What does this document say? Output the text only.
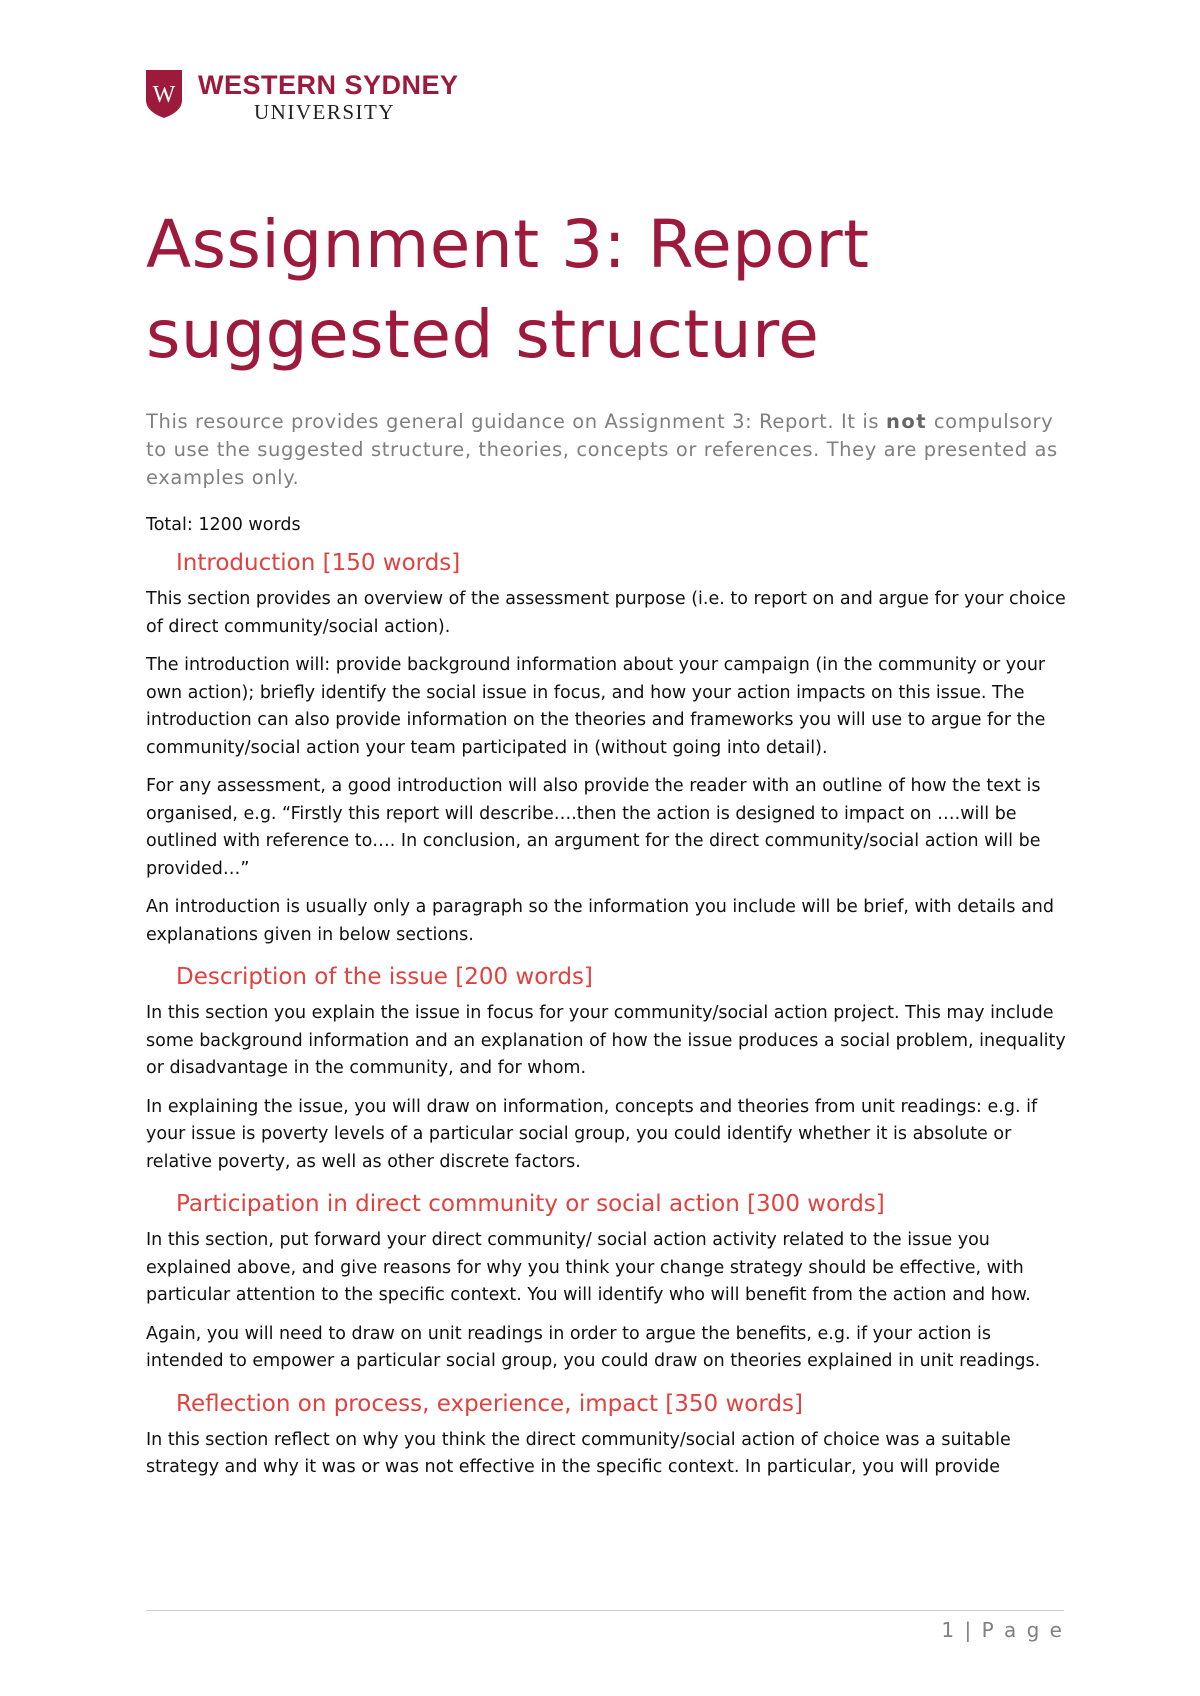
W WESTERN SYDNEY
UNIVERSITY
Assignment 3: Report
suggested structure

This resource provides general guidance on Assignment 3: Report. It is not compulsory to use the suggested structure, theories, concepts or references. They are presented as examples only.

Total: 1200 words

Introduction [150 words]

This section provides an overview of the assessment purpose (i.e. to report on and argue for your choice of direct community/social action).

The introduction will: provide background information about your campaign (in the community or your own action); briefly identify the social issue in focus, and how your action impacts on this issue. The introduction can also provide information on the theories and frameworks you will use to argue for the community/social action your team participated in (without going into detail).

For any assessment, a good introduction will also provide the reader with an outline of how the text is organised, e.g. “Firstly this report will describe….then the action is designed to impact on ….will be outlined with reference to…. In conclusion, an argument for the direct community/social action will be provided…”

An introduction is usually only a paragraph so the information you include will be brief, with details and explanations given in below sections.

Description of the issue [200 words]

In this section you explain the issue in focus for your community/social action project. This may include some background information and an explanation of how the issue produces a social problem, inequality or disadvantage in the community, and for whom.

In explaining the issue, you will draw on information, concepts and theories from unit readings: e.g. if your issue is poverty levels of a particular social group, you could identify whether it is absolute or relative poverty, as well as other discrete factors.

Participation in direct community or social action [300 words]

In this section, put forward your direct community/ social action activity related to the issue you explained above, and give reasons for why you think your change strategy should be effective, with particular attention to the specific context. You will identify who will benefit from the action and how.

Again, you will need to draw on unit readings in order to argue the benefits, e.g. if your action is intended to empower a particular social group, you could draw on theories explained in unit readings.

Reflection on process, experience, impact [350 words]

In this section reflect on why you think the direct community/social action of choice was a suitable strategy and why it was or was not effective in the specific context. In particular, you will provide

1 | P a g e
